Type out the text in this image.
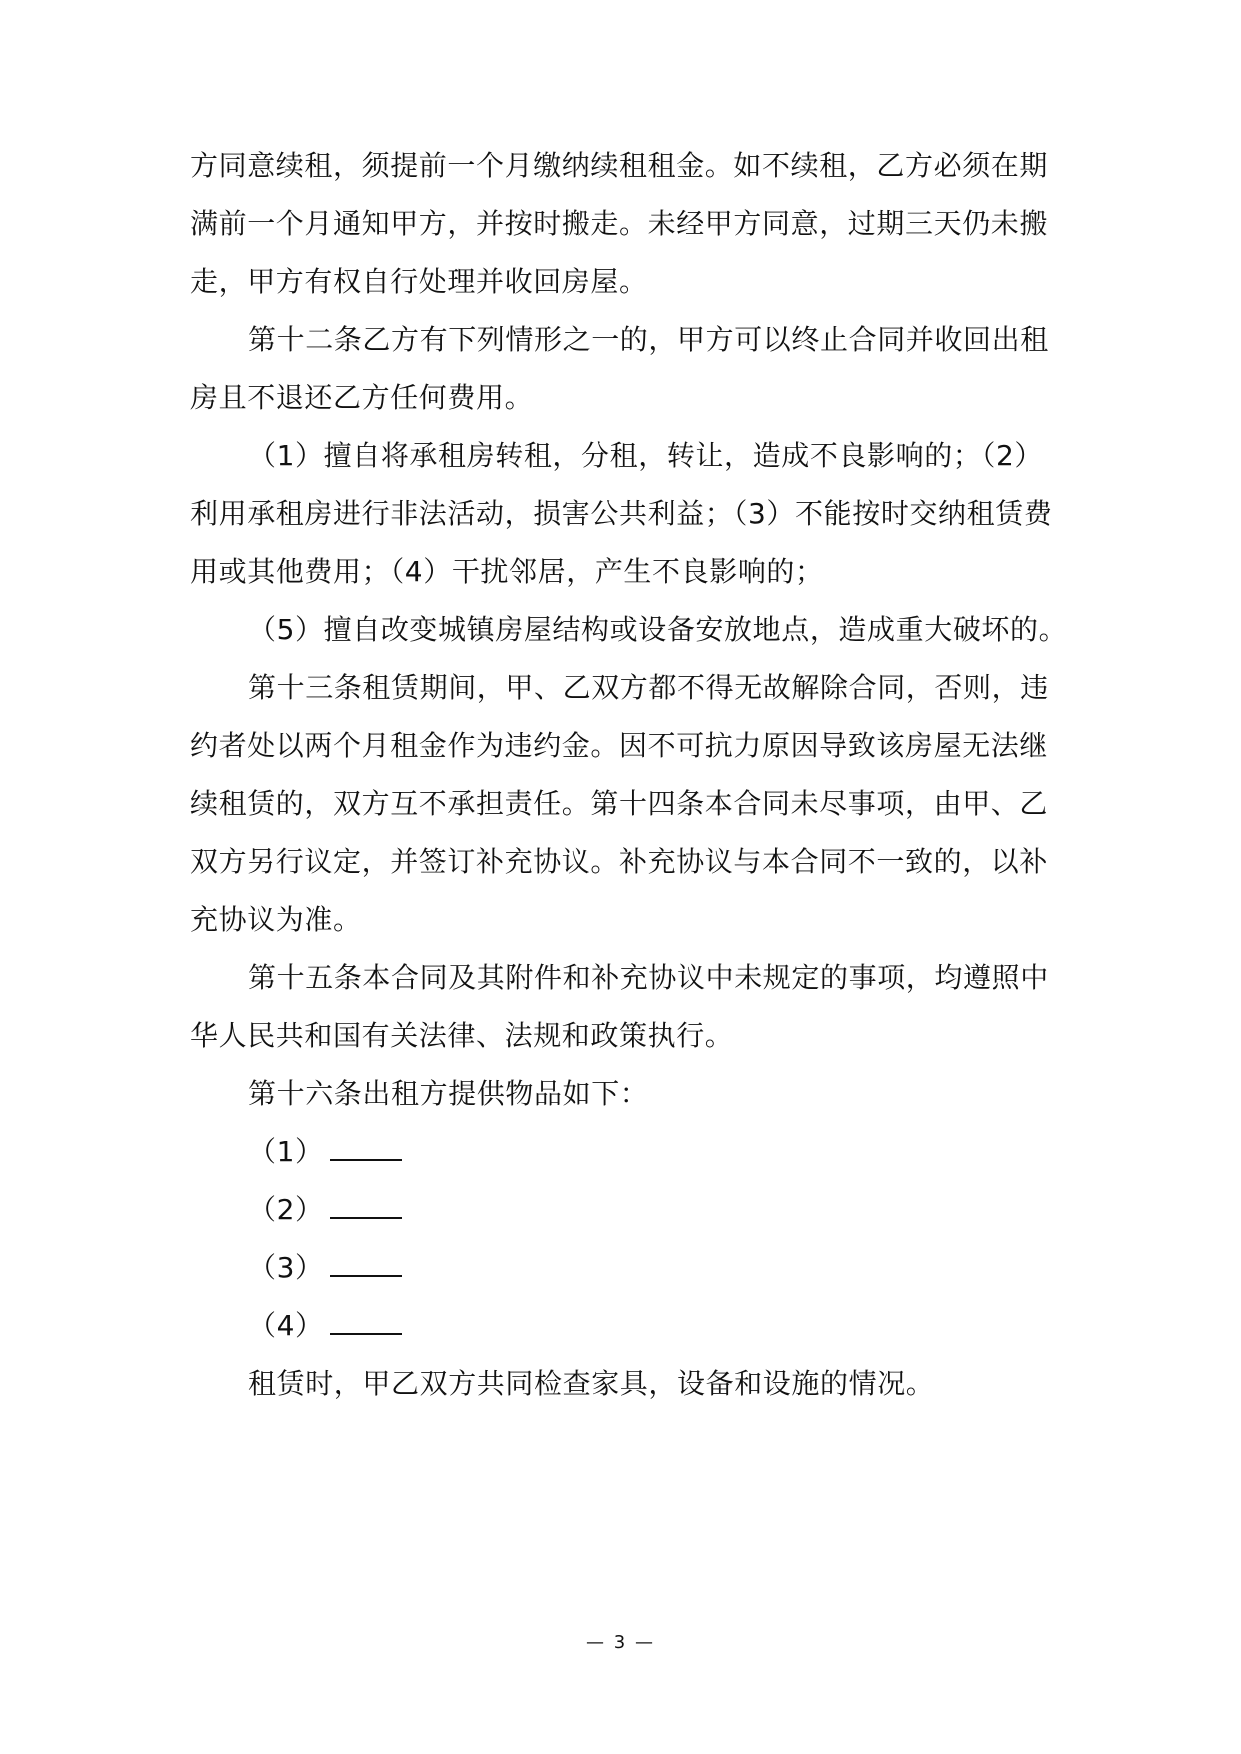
方同意续租，须提前一个月缴纳续租租金。如不续租，乙方必须在期
满前一个月通知甲方，并按时搬走。未经甲方同意，过期三天仍未搬
走，甲方有权自行处理并收回房屋。
第十二条乙方有下列情形之一的，甲方可以终止合同并收回出租
房且不退还乙方任何费用。
（1）擅自将承租房转租，分租，转让，造成不良影响的；（2）
利用承租房进行非法活动，损害公共利益；（3）不能按时交纳租赁费
用或其他费用；（4）干扰邻居，产生不良影响的；
（5）擅自改变城镇房屋结构或设备安放地点，造成重大破坏的。
第十三条租赁期间，甲、乙双方都不得无故解除合同，否则，违
约者处以两个月租金作为违约金。因不可抗力原因导致该房屋无法继
续租赁的，双方互不承担责任。第十四条本合同未尽事项，由甲、乙
双方另行议定，并签订补充协议。补充协议与本合同不一致的，以补
充协议为准。
第十五条本合同及其附件和补充协议中未规定的事项，均遵照中
华人民共和国有关法律、法规和政策执行。
第十六条出租方提供物品如下：
（1）
（2）
（3）
（4）
租赁时，甲乙双方共同检查家具，设备和设施的情况。
— 3 —
